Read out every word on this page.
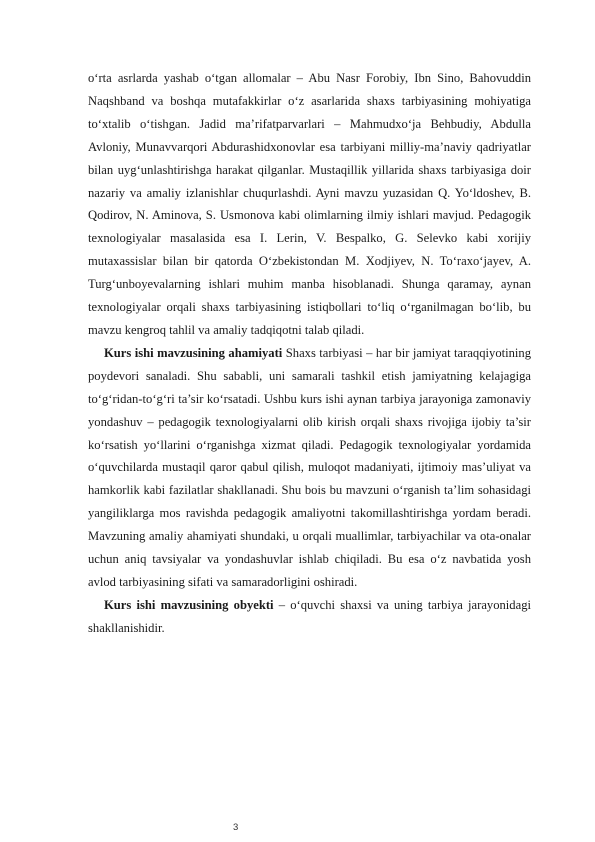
o‘rta asrlarda yashab o‘tgan allomalar – Abu Nasr Forobiy, Ibn Sino, Bahovuddin Naqshband va boshqa mutafakkirlar o‘z asarlarida shaxs tarbiyasining mohiyatiga to‘xtalib o‘tishgan. Jadid ma’rifatparvarlari – Mahmudxo‘ja Behbudiy, Abdulla Avloniy, Munavvarqori Abdurashidxonovlar esa tarbiyani milliy-ma’naviy qadriyatlar bilan uyg‘unlashtirishga harakat qilganlar. Mustaqillik yillarida shaxs tarbiyasiga doir nazariy va amaliy izlanishlar chuqurlashdi. Ayni mavzu yuzasidan Q. Yo‘ldoshev, B. Qodirov, N. Aminova, S. Usmonova kabi olimlarning ilmiy ishlari mavjud. Pedagogik texnologiyalar masalasida esa I. Lerin, V. Bespalko, G. Selevko kabi xorijiy mutaxassislar bilan bir qatorda O‘zbekistondan M. Xodjiyev, N. To‘raxo‘jayev, A. Turg‘unboyevalarning ishlari muhim manba hisoblanadi. Shunga qaramay, aynan texnologiyalar orqali shaxs tarbiyasining istiqbollari to‘liq o‘rganilmagan bo‘lib, bu mavzu kengroq tahlil va amaliy tadqiqotni talab qiladi.

Kurs ishi mavzusining ahamiyati Shaxs tarbiyasi – har bir jamiyat taraqqiyotining poydevori sanaladi. Shu sababli, uni samarali tashkil etish jamiyatning kelajagiga to‘g‘ridan-to‘g‘ri ta’sir ko‘rsatadi. Ushbu kurs ishi aynan tarbiya jarayoniga zamonaviy yondashuv – pedagogik texnologiyalarni olib kirish orqali shaxs rivojiga ijobiy ta’sir ko‘rsatish yo‘llarini o‘rganishga xizmat qiladi. Pedagogik texnologiyalar yordamida o‘quvchilarda mustaqil qaror qabul qilish, muloqot madaniyati, ijtimoiy mas’uliyat va hamkorlik kabi fazilatlar shakllanadi. Shu bois bu mavzuni o‘rganish ta’lim sohasidagi yangiliklarga mos ravishda pedagogik amaliyotni takomillashtirishga yordam beradi. Mavzuning amaliy ahamiyati shundaki, u orqali muallimlar, tarbiyachilar va ota-onalar uchun aniq tavsiyalar va yondashuvlar ishlab chiqiladi. Bu esa o‘z navbatida yosh avlod tarbiyasining sifati va samaradorligini oshiradi.

Kurs ishi mavzusining obyekti – o‘quvchi shaxsi va uning tarbiya jarayonidagi shakllanishidir.

3
